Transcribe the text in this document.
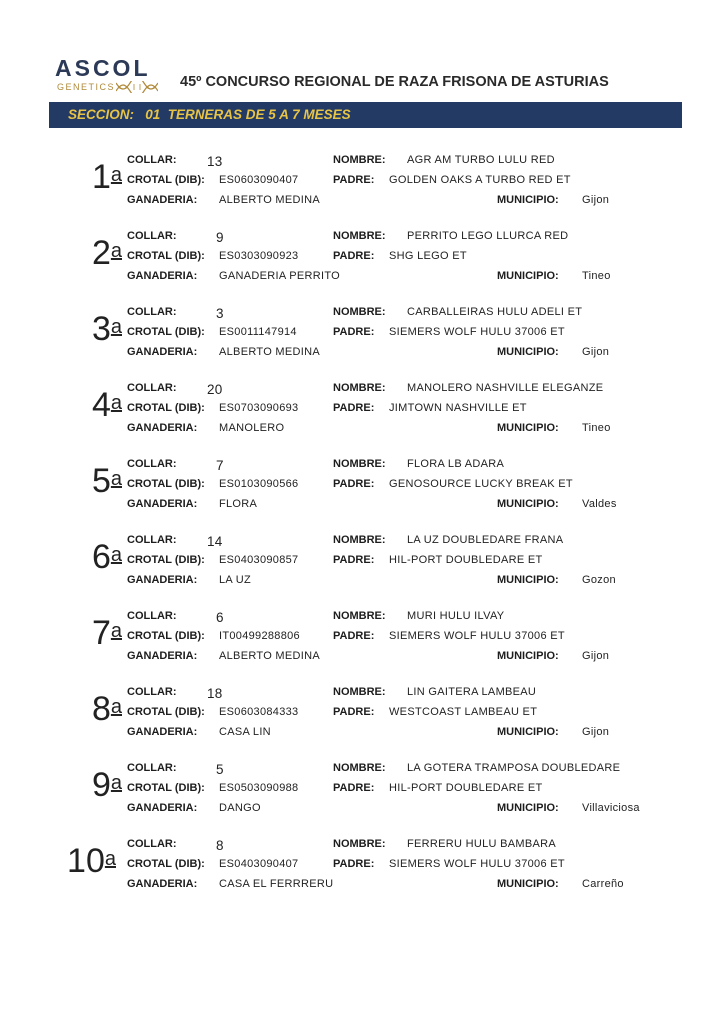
ASCOL
GENETICS	45º CONCURSO REGIONAL DE RAZA FRISONA DE ASTURIAS
SECCION: 01  TERNERAS DE 5 A 7 MESES
1$^a$
COLLAR: 13	NOMBRE: AGR AM TURBO LULU RED
CROTAL (DIB): ES0603090407	PADRE: GOLDEN OAKS A TURBO RED ET
GANADERIA: ALBERTO MEDINA	MUNICIPIO: Gijon
2$^a$
COLLAR:	9	NOMBRE: PERRITO LEGO LLURCA RED
CROTAL (DIB): ES0303090923	PADRE: SHG LEGO ET
GANADERIA: GANADERIA PERRITO	MUNICIPIO: Tineo
3$^a$
COLLAR:	3	NOMBRE: CARBALLEIRAS HULU ADELI ET
CROTAL (DIB): ES0011147914	PADRE: SIEMERS WOLF HULU 37006 ET
GANADERIA: ALBERTO MEDINA	MUNICIPIO: Gijon
4$^a$
COLLAR: 20	NOMBRE: MANOLERO NASHVILLE ELEGANZE
CROTAL (DIB): ES0703090693	PADRE: JIMTOWN NASHVILLE ET
GANADERIA: MANOLERO	MUNICIPIO: Tineo
5$^a$
COLLAR:	7	NOMBRE: FLORA LB ADARA
CROTAL (DIB): ES0103090566	PADRE: GENOSOURCE LUCKY BREAK ET
GANADERIA: FLORA	MUNICIPIO: Valdes
6$^a$
COLLAR: 14	NOMBRE: LA UZ DOUBLEDARE FRANA
CROTAL (DIB): ES0403090857	PADRE: HIL-PORT DOUBLEDARE ET
GANADERIA: LA UZ	MUNICIPIO: Gozon
7$^a$
COLLAR:	6	NOMBRE: MURI HULU ILVAY
CROTAL (DIB): IT00499288806	PADRE: SIEMERS WOLF HULU 37006 ET
GANADERIA: ALBERTO MEDINA	MUNICIPIO: Gijon
8$^a$
COLLAR: 18	NOMBRE: LIN GAITERA LAMBEAU
CROTAL (DIB): ES0603084333	PADRE: WESTCOAST LAMBEAU ET
GANADERIA: CASA LIN	MUNICIPIO: Gijon
9$^a$
COLLAR:	5	NOMBRE: LA GOTERA TRAMPOSA DOUBLEDARE
CROTAL (DIB): ES0503090988	PADRE: HIL-PORT DOUBLEDARE ET
GANADERIA: DANGO	MUNICIPIO: Villaviciosa
10$^a$
COLLAR:	8	NOMBRE: FERRERU HULU BAMBARA
CROTAL (DIB): ES0403090407	PADRE: SIEMERS WOLF HULU 37006 ET
GANADERIA: CASA EL FERRRERU	MUNICIPIO: Carreño
